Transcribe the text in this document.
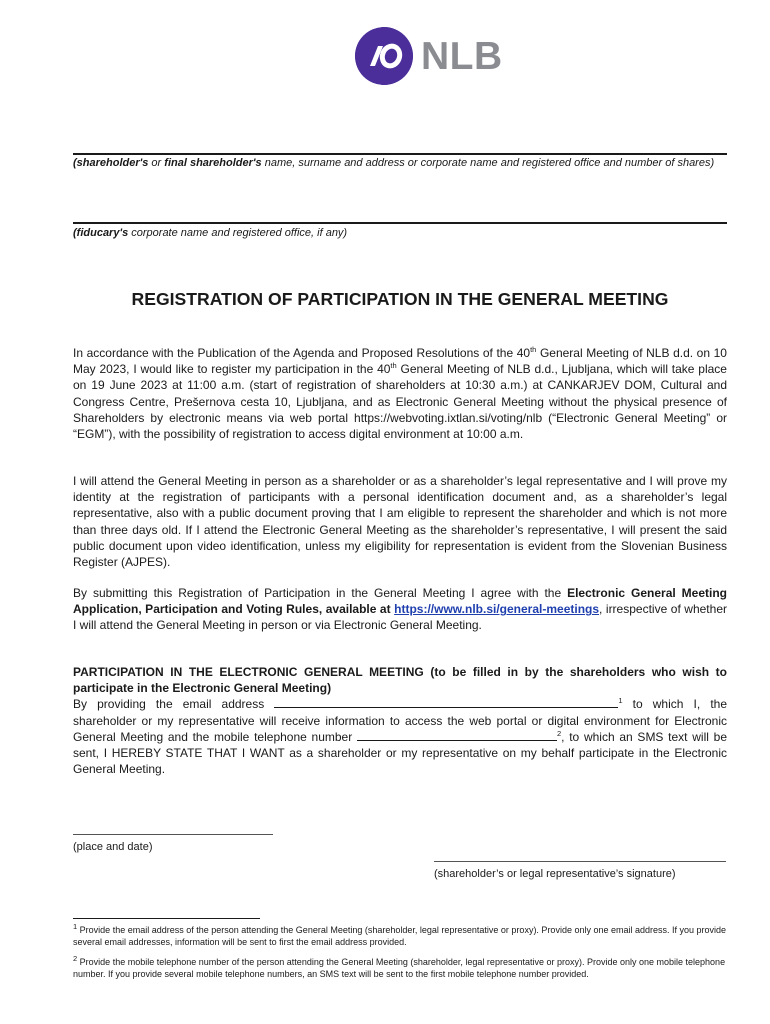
NLB
(shareholder's or final shareholder's name, surname and address or corporate name and registered office and number of shares)
(fiducary's corporate name and registered office, if any)
REGISTRATION OF PARTICIPATION IN THE GENERAL MEETING

In accordance with the Publication of the Agenda and Proposed Resolutions of the 40th General Meeting of NLB d.d. on 10 May 2023, I would like to register my participation in the 40th General Meeting of NLB d.d., Ljubljana, which will take place on 19 June 2023 at 11:00 a.m. (start of registration of shareholders at 10:30 a.m.) at CANKARJEV DOM, Cultural and Congress Centre, Prešernova cesta 10, Ljubljana, and as Electronic General Meeting without the physical presence of Shareholders by electronic means via web portal https://webvoting.ixtlan.si/voting/nlb (“Electronic General Meeting” or “EGM”), with the possibility of registration to access digital environment at 10:00 a.m.

I will attend the General Meeting in person as a shareholder or as a shareholder’s legal representative and I will prove my identity at the registration of participants with a personal identification document and, as a shareholder’s legal representative, also with a public document proving that I am eligible to represent the shareholder and which is not more than three days old. If I attend the Electronic General Meeting as the shareholder’s representative, I will present the said public document upon video identification, unless my eligibility for representation is evident from the Slovenian Business Register (AJPES).

By submitting this Registration of Participation in the General Meeting I agree with the Electronic General Meeting Application, Participation and Voting Rules, available at https://www.nlb.si/general-meetings, irrespective of whether I will attend the General Meeting in person or via Electronic General Meeting.

PARTICIPATION IN THE ELECTRONIC GENERAL MEETING (to be filled in by the shareholders who wish to participate in the Electronic General Meeting)
By providing the email address	$^1$ to which I, the shareholder or my representative will receive information to access the web portal or digital environment for Electronic General Meeting and the mobile telephone number	$^2$, to which an SMS text will be sent, I HEREBY STATE THAT I WANT as a shareholder or my representative on my behalf participate in the Electronic General Meeting.

(place and date)
(shareholder’s or legal representative’s signature)

$^1$ Provide the email address of the person attending the General Meeting (shareholder, legal representative or proxy). Provide only one email address. If you provide several email addresses, information will be sent to first the email address provided.

$^2$ Provide the mobile telephone number of the person attending the General Meeting (shareholder, legal representative or proxy). Provide only one mobile telephone number. If you provide several mobile telephone numbers, an SMS text will be sent to the first mobile telephone number provided.
